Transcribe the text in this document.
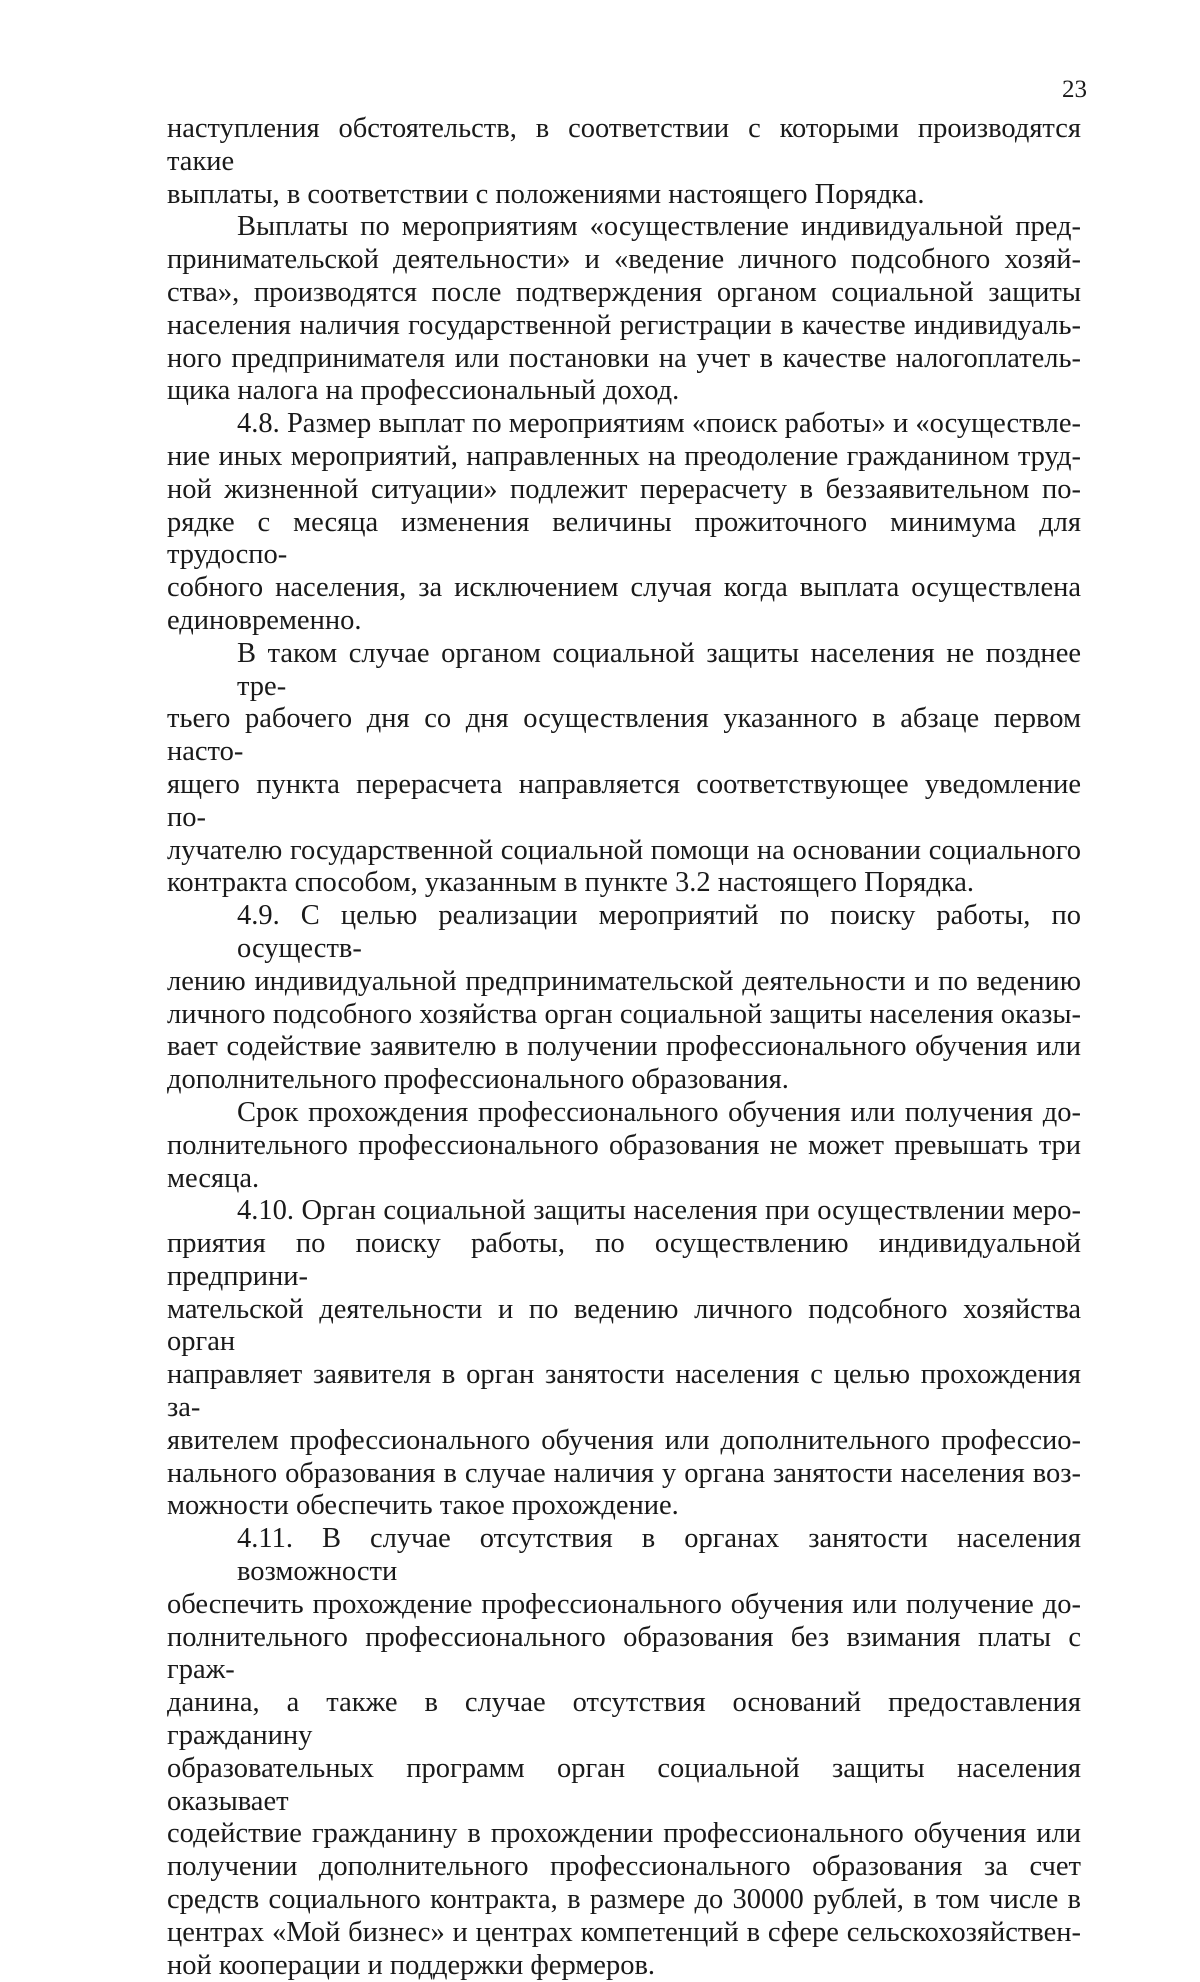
23
наступления обстоятельств, в соответствии с которыми производятся такие
выплаты, в соответствии с положениями настоящего Порядка.
Выплаты по мероприятиям «осуществление индивидуальной пред-
принимательской деятельности» и «ведение личного подсобного хозяй-
ства», производятся после подтверждения органом социальной защиты
населения наличия государственной регистрации в качестве индивидуаль-
ного предпринимателя или постановки на учет в качестве налогоплатель-
щика налога на профессиональный доход.
4.8. Размер выплат по мероприятиям «поиск работы» и «осуществле-
ние иных мероприятий, направленных на преодоление гражданином труд-
ной жизненной ситуации» подлежит перерасчету в беззаявительном по-
рядке с месяца изменения величины прожиточного минимума для трудоспо-
собного населения, за исключением случая когда выплата осуществлена
единовременно.
В таком случае органом социальной защиты населения не позднее тре-
тьего рабочего дня со дня осуществления указанного в абзаце первом насто-
ящего пункта перерасчета направляется соответствующее уведомление по-
лучателю государственной социальной помощи на основании социального
контракта способом, указанным в пункте 3.2 настоящего Порядка.
4.9. С целью реализации мероприятий по поиску работы, по осуществ-
лению индивидуальной предпринимательской деятельности и по ведению
личного подсобного хозяйства орган социальной защиты населения оказы-
вает содействие заявителю в получении профессионального обучения или
дополнительного профессионального образования.
Срок прохождения профессионального обучения или получения до-
полнительного профессионального образования не может превышать три
месяца.
4.10. Орган социальной защиты населения при осуществлении меро-
приятия по поиску работы, по осуществлению индивидуальной предприни-
мательской деятельности и по ведению личного подсобного хозяйства орган
направляет заявителя в орган занятости населения с целью прохождения за-
явителем профессионального обучения или дополнительного профессио-
нального образования в случае наличия у органа занятости населения воз-
можности обеспечить такое прохождение.
4.11. В случае отсутствия в органах занятости населения возможности
обеспечить прохождение профессионального обучения или получение до-
полнительного профессионального образования без взимания платы с граж-
данина, а также в случае отсутствия оснований предоставления гражданину
образовательных программ орган социальной защиты населения оказывает
содействие гражданину в прохождении профессионального обучения или
получении дополнительного профессионального образования за счет
средств социального контракта, в размере до 30000 рублей, в том числе в
центрах «Мой бизнес» и центрах компетенций в сфере сельскохозяйствен-
ной кооперации и поддержки фермеров.
